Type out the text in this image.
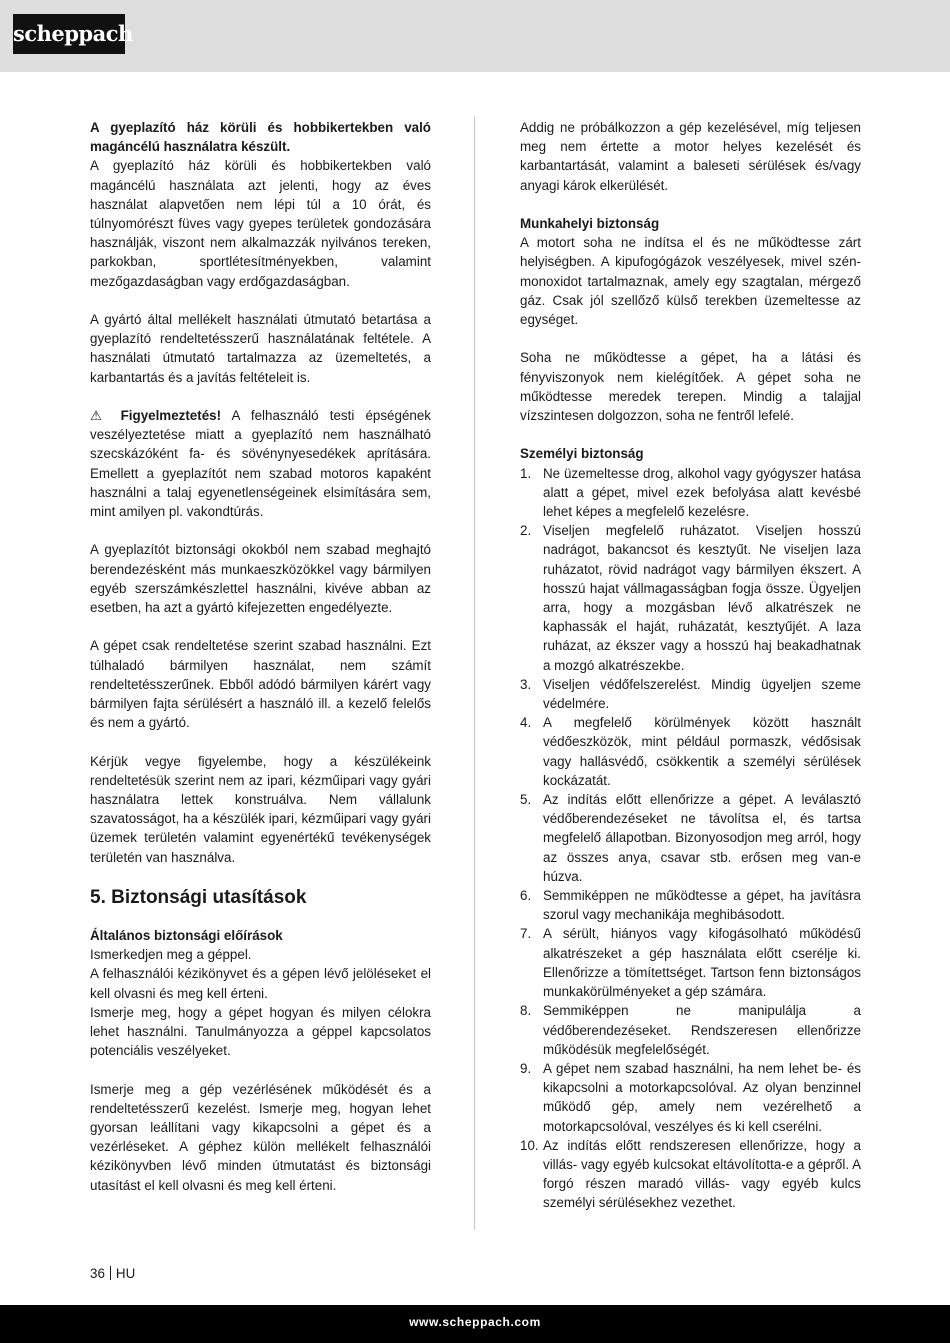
scheppach

A gyeplazító ház körüli és hobbikertekben való magáncélú használatra készült.

A gyeplazító ház körüli és hobbikertekben való magáncélú használata azt jelenti, hogy az éves használat alapvetően nem lépi túl a 10 órát, és túlnyomórészt füves vagy gyepes területek gondozására használják, viszont nem alkalmazzák nyilvános tereken, parkokban, sportlétesítményekben, valamint mezőgazdaságban vagy erdőgazdaságban.

A gyártó által mellékelt használati útmutató betartása a gyeplazító rendeltetésszerű használatának feltétele. A használati útmutató tartalmazza az üzemeltetés, a karbantartás és a javítás feltételeit is.

⚠ Figyelmeztetés! A felhasználó testi épségének veszélyeztetése miatt a gyeplazító nem használható szecskázóként fa- és sövénynyesedékek aprítására. Emellett a gyeplazítót nem szabad motoros kapaként használni a talaj egyenetlenségeinek elsimítására sem, mint amilyen pl. vakondtúrás.

A gyeplazítót biztonsági okokból nem szabad meghajtó berendezésként más munkaeszközökkel vagy bármilyen egyéb szerszámkészlettel használni, kivéve abban az esetben, ha azt a gyártó kifejezetten engedélyezte.

A gépet csak rendeltetése szerint szabad használni. Ezt túlhaladó bármilyen használat, nem számít rendeltetésszerűnek. Ebből adódó bármilyen kárért vagy bármilyen fajta sérülésért a használó ill. a kezelő felelős és nem a gyártó.

Kérjük vegye figyelembe, hogy a készülékeink rendeltetésük szerint nem az ipari, kézműipari vagy gyári használatra lettek konstruálva. Nem vállalunk szavatosságot, ha a készülék ipari, kézműipari vagy gyári üzemek területén valamint egyenértékű tevékenységek területén van használva.

5. Biztonsági utasítások
Általános biztonsági előírások

Ismerkedjen meg a géppel.

A felhasználói kézikönyvet és a gépen lévő jelöléseket el kell olvasni és meg kell érteni.

Ismerje meg, hogy a gépet hogyan és milyen célokra lehet használni. Tanulmányozza a géppel kapcsolatos potenciális veszélyeket.

Ismerje meg a gép vezérlésének működését és a rendeltetésszerű kezelést. Ismerje meg, hogyan lehet gyorsan leállítani vagy kikapcsolni a gépet és a vezérléseket. A géphez külön mellékelt felhasználói kézikönyvben lévő minden útmutatást és biztonsági utasítást el kell olvasni és meg kell érteni.

Addig ne próbálkozzon a gép kezelésével, míg teljesen meg nem értette a motor helyes kezelését és karbantartását, valamint a baleseti sérülések és/vagy anyagi károk elkerülését.

Munkahelyi biztonság

A motort soha ne indítsa el és ne működtesse zárt helyiségben. A kipufogógázok veszélyesek, mivel szén-monoxidot tartalmaznak, amely egy szagtalan, mérgező gáz. Csak jól szellőző külső terekben üzemeltesse az egységet.

Soha ne működtesse a gépet, ha a látási és fényviszonyok nem kielégítőek. A gépet soha ne működtesse meredek terepen. Mindig a talajjal vízszintesen dolgozzon, soha ne fentről lefelé.

Személyi biztonság
1. Ne üzemeltesse drog, alkohol vagy gyógyszer hatása alatt a gépet, mivel ezek befolyása alatt kevésbé lehet képes a megfelelő kezelésre.
2. Viseljen megfelelő ruházatot. Viseljen hosszú nadrágot, bakancsot és kesztyűt. Ne viseljen laza ruházatot, rövid nadrágot vagy bármilyen ékszert. A hosszú hajat vállmagasságban fogja össze. Ügyeljen arra, hogy a mozgásban lévő alkatrészek ne kaphassák el haját, ruházatát, kesztyűjét. A laza ruházat, az ékszer vagy a hosszú haj beakadhatnak a mozgó alkatrészekbe.
3. Viseljen védőfelszerelést. Mindig ügyeljen szeme védelmére.
4. A megfelelő körülmények között használt védőeszközök, mint például pormaszk, védősisak vagy hallásvédő, csökkentik a személyi sérülések kockázatát.
5. Az indítás előtt ellenőrizze a gépet. A leválasztó védőberendezéseket ne távolítsa el, és tartsa megfelelő állapotban. Bizonyosodjon meg arról, hogy az összes anya, csavar stb. erősen meg van-e húzva.
6. Semmiképpen ne működtesse a gépet, ha javításra szorul vagy mechanikája meghibásodott.
7. A sérült, hiányos vagy kifogásolható működésű alkatrészeket a gép használata előtt cserélje ki. Ellenőrizze a tömítettséget. Tartson fenn biztonságos munkakörülményeket a gép számára.
8. Semmiképpen ne manipulálja a védőberendezéseket. Rendszeresen ellenőrizze működésük megfelelőségét.
9. A gépet nem szabad használni, ha nem lehet be- és kikapcsolni a motorkapcsolóval. Az olyan benzinnel működő gép, amely nem vezérelhető a motorkapcsolóval, veszélyes és ki kell cserélni.
10. Az indítás előtt rendszeresen ellenőrizze, hogy a villás- vagy egyéb kulcsokat eltávolította-e a gépről. A forgó részen maradó villás- vagy egyéb kulcs személyi sérülésekhez vezethet.
36 HU
www.scheppach.com
